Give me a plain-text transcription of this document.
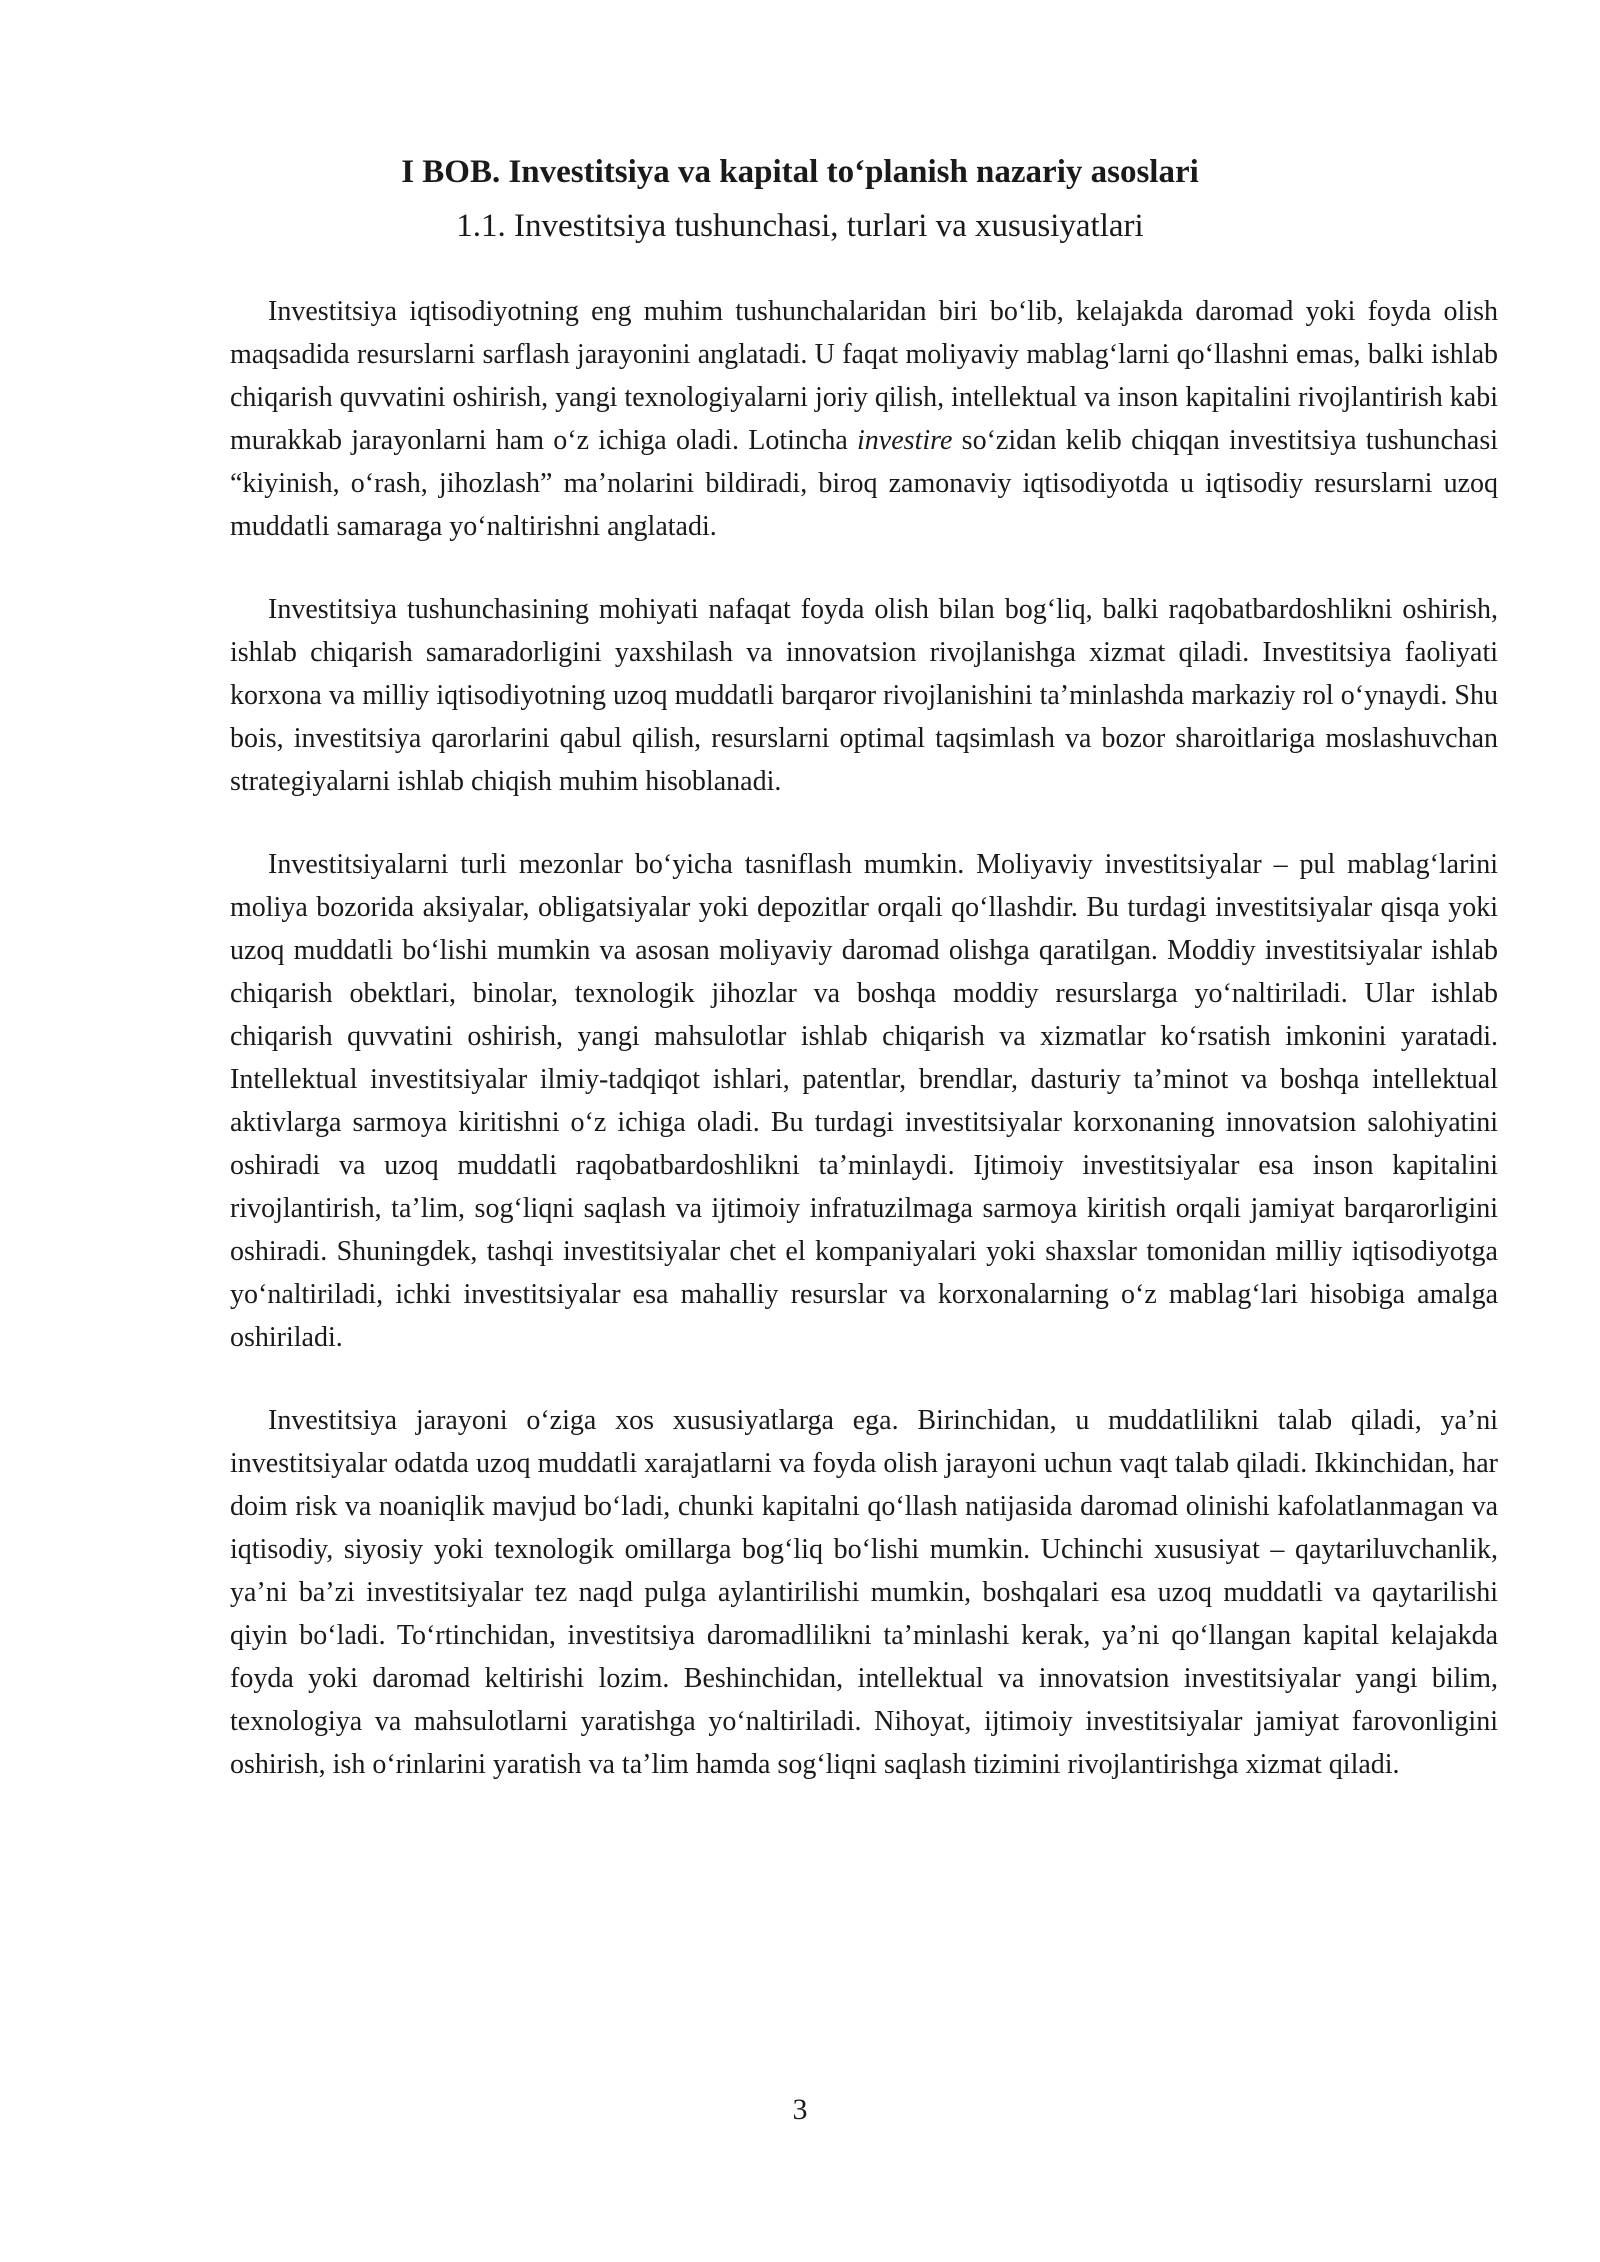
I BOB. Investitsiya va kapital to‘planish nazariy asoslari
1.1. Investitsiya tushunchasi, turlari va xususiyatlari

Investitsiya iqtisodiyotning eng muhim tushunchalaridan biri bo‘lib, kelajakda daromad yoki foyda olish maqsadida resurslarni sarflash jarayonini anglatadi. U faqat moliyaviy mablag‘larni qo‘llashni emas, balki ishlab chiqarish quvvatini oshirish, yangi texnologiyalarni joriy qilish, intellektual va inson kapitalini rivojlantirish kabi murakkab jarayonlarni ham o‘z ichiga oladi. Lotincha investire so‘zidan kelib chiqqan investitsiya tushunchasi “kiyinish, o‘rash, jihozlash” ma’nolarini bildiradi, biroq zamonaviy iqtisodiyotda u iqtisodiy resurslarni uzoq muddatli samaraga yo‘naltirishni anglatadi.

Investitsiya tushunchasining mohiyati nafaqat foyda olish bilan bog‘liq, balki raqobatbardoshlikni oshirish, ishlab chiqarish samaradorligini yaxshilash va innovatsion rivojlanishga xizmat qiladi. Investitsiya faoliyati korxona va milliy iqtisodiyotning uzoq muddatli barqaror rivojlanishini ta’minlashda markaziy rol o‘ynaydi. Shu bois, investitsiya qarorlarini qabul qilish, resurslarni optimal taqsimlash va bozor sharoitlariga moslashuvchan strategiyalarni ishlab chiqish muhim hisoblanadi.

Investitsiyalarni turli mezonlar bo‘yicha tasniflash mumkin. Moliyaviy investitsiyalar – pul mablag‘larini moliya bozorida aksiyalar, obligatsiyalar yoki depozitlar orqali qo‘llashdir. Bu turdagi investitsiyalar qisqa yoki uzoq muddatli bo‘lishi mumkin va asosan moliyaviy daromad olishga qaratilgan. Moddiy investitsiyalar ishlab chiqarish obektlari, binolar, texnologik jihozlar va boshqa moddiy resurslarga yo‘naltiriladi. Ular ishlab chiqarish quvvatini oshirish, yangi mahsulotlar ishlab chiqarish va xizmatlar ko‘rsatish imkonini yaratadi. Intellektual investitsiyalar ilmiy-tadqiqot ishlari, patentlar, brendlar, dasturiy ta’minot va boshqa intellektual aktivlarga sarmoya kiritishni o‘z ichiga oladi. Bu turdagi investitsiyalar korxonaning innovatsion salohiyatini oshiradi va uzoq muddatli raqobatbardoshlikni ta’minlaydi. Ijtimoiy investitsiyalar esa inson kapitalini rivojlantirish, ta’lim, sog‘liqni saqlash va ijtimoiy infratuzilmaga sarmoya kiritish orqali jamiyat barqarorligini oshiradi. Shuningdek, tashqi investitsiyalar chet el kompaniyalari yoki shaxslar tomonidan milliy iqtisodiyotga yo‘naltiriladi, ichki investitsiyalar esa mahalliy resurslar va korxonalarning o‘z mablag‘lari hisobiga amalga oshiriladi.

Investitsiya jarayoni o‘ziga xos xususiyatlarga ega. Birinchidan, u muddatlilikni talab qiladi, ya’ni investitsiyalar odatda uzoq muddatli xarajatlarni va foyda olish jarayoni uchun vaqt talab qiladi. Ikkinchidan, har doim risk va noaniqlik mavjud bo‘ladi, chunki kapitalni qo‘llash natijasida daromad olinishi kafolatlanmagan va iqtisodiy, siyosiy yoki texnologik omillarga bog‘liq bo‘lishi mumkin. Uchinchi xususiyat – qaytariluvchanlik, ya’ni ba’zi investitsiyalar tez naqd pulga aylantirilishi mumkin, boshqalari esa uzoq muddatli va qaytarilishi qiyin bo‘ladi. To‘rtinchidan, investitsiya daromadlilikni ta’minlashi kerak, ya’ni qo‘llangan kapital kelajakda foyda yoki daromad keltirishi lozim. Beshinchidan, intellektual va innovatsion investitsiyalar yangi bilim, texnologiya va mahsulotlarni yaratishga yo‘naltiriladi. Nihoyat, ijtimoiy investitsiyalar jamiyat farovonligini oshirish, ish o‘rinlarini yaratish va ta’lim hamda sog‘liqni saqlash tizimini rivojlantirishga xizmat qiladi.

3
